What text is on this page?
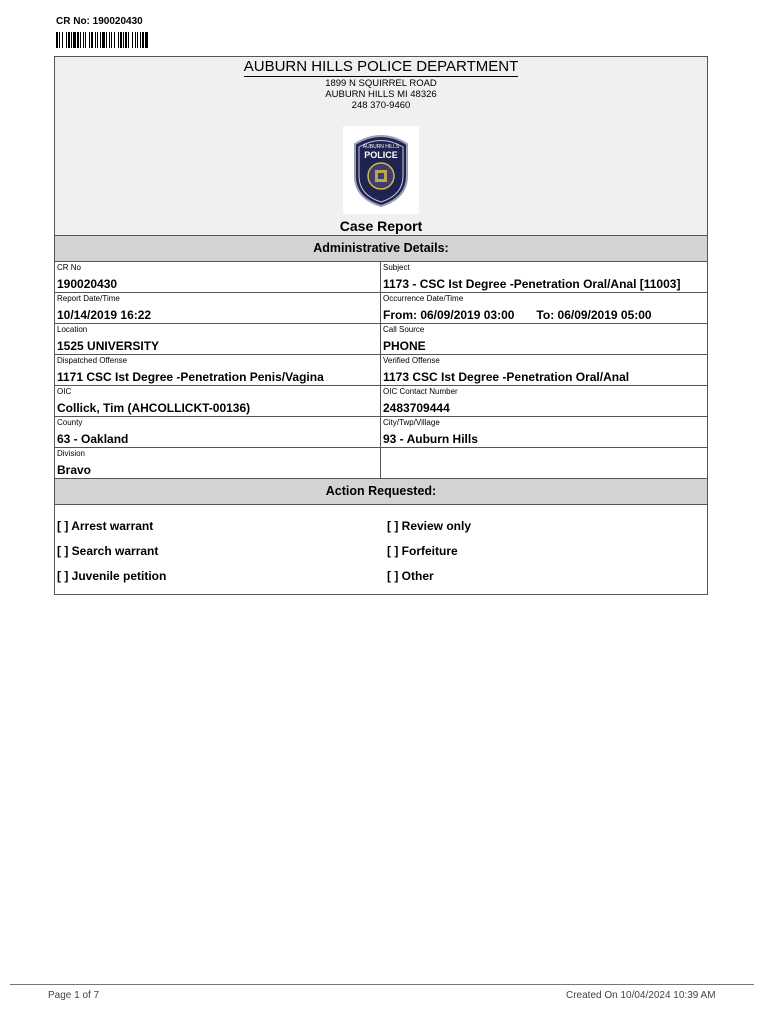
CR No: 190020430
AUBURN HILLS POLICE DEPARTMENT
1899 N SQUIRREL ROAD
AUBURN HILLS MI 48326
248 370-9460
AUBURN HILLS
POLICE
Case Report
Administrative Details:
CR No
190020430
Subject
1173 - CSC Ist Degree -Penetration Oral/Anal [11003]
Report Date/Time
10/14/2019 16:22
Occurrence Date/Time
From: 06/09/2019 03:00 To: 06/09/2019 05:00
Location
1525 UNIVERSITY
Call Source
PHONE
Dispatched Offense
1171 CSC Ist Degree -Penetration Penis/Vagina
Verified Offense
1173 CSC Ist Degree -Penetration Oral/Anal
OIC
Collick, Tim (AHCOLLICKT-00136)
OIC Contact Number
2483709444
County
63 - Oakland
City/Twp/Village
93 - Auburn Hills
Division
Bravo
Action Requested:
[ ] Arrest warrant	[ ] Review only
[ ] Search warrant	[ ] Forfeiture
[ ] Juvenile petition	[ ] Other
Page 1 of 7	Created On 10/04/2024 10:39 AM
